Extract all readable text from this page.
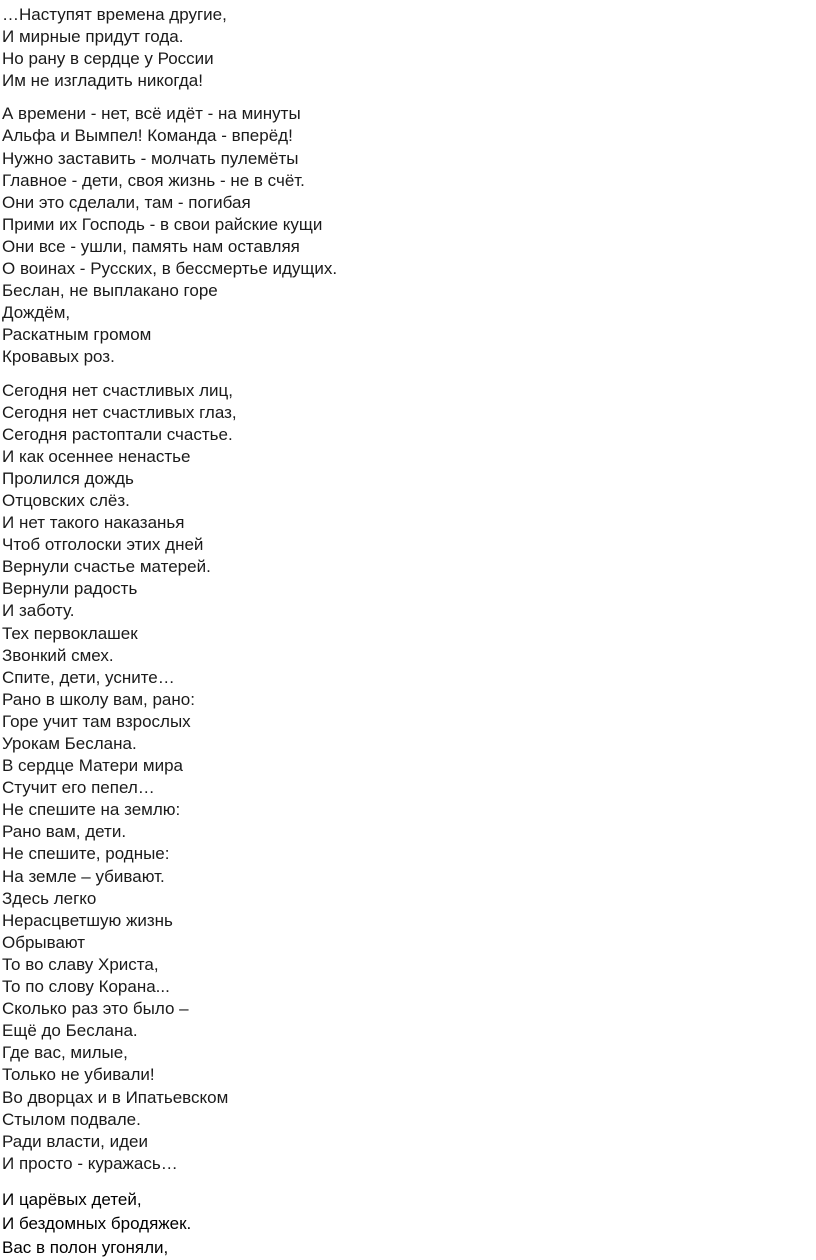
…Наступят времена другие,
И мирные придут года.
Но рану в сердце у России
Им не изгладить никогда!
А времени - нет, всё идёт - на минуты
Альфа и Вымпел! Команда - вперёд!
Нужно заставить - молчать пулемёты
Главное - дети, своя жизнь - не в счёт.
Они это сделали, там - погибая
Прими их Господь - в свои райские кущи
Они все - ушли, память нам оставляя
О воинах - Русских, в бессмертье идущих.
Беслан, не выплакано горе
Дождём,
Раскатным громом
Кровавых роз.
Сегодня нет счастливых лиц,
Сегодня нет счастливых глаз,
Сегодня растоптали счастье.
И как осеннее ненастье
Пролился дождь
Отцовских слёз.
И нет такого наказанья
Чтоб отголоски этих дней
Вернули счастье матерей.
Вернули радость
И заботу.
Тех первоклашек
Звонкий смех.
Спите, дети, усните…
Рано в школу вам, рано:
Горе учит там взрослых
Урокам Беслана.
В сердце Матери мира
Стучит его пепел…
Не спешите на землю:
Рано вам, дети.
Не спешите, родные:
На земле – убивают.
Здесь легко
Нерасцветшую жизнь
Обрывают
То во славу Христа,
То по слову Корана...
Сколько раз это было –
Ещё до Беслана.
Где вас, милые,
Только не убивали!
Во дворцах и в Ипатьевском
Стылом подвале.
Ради власти, идеи
И просто - куражась…
И царёвых детей,
И бездомных бродяжек.
Вас в полон угоняли,
